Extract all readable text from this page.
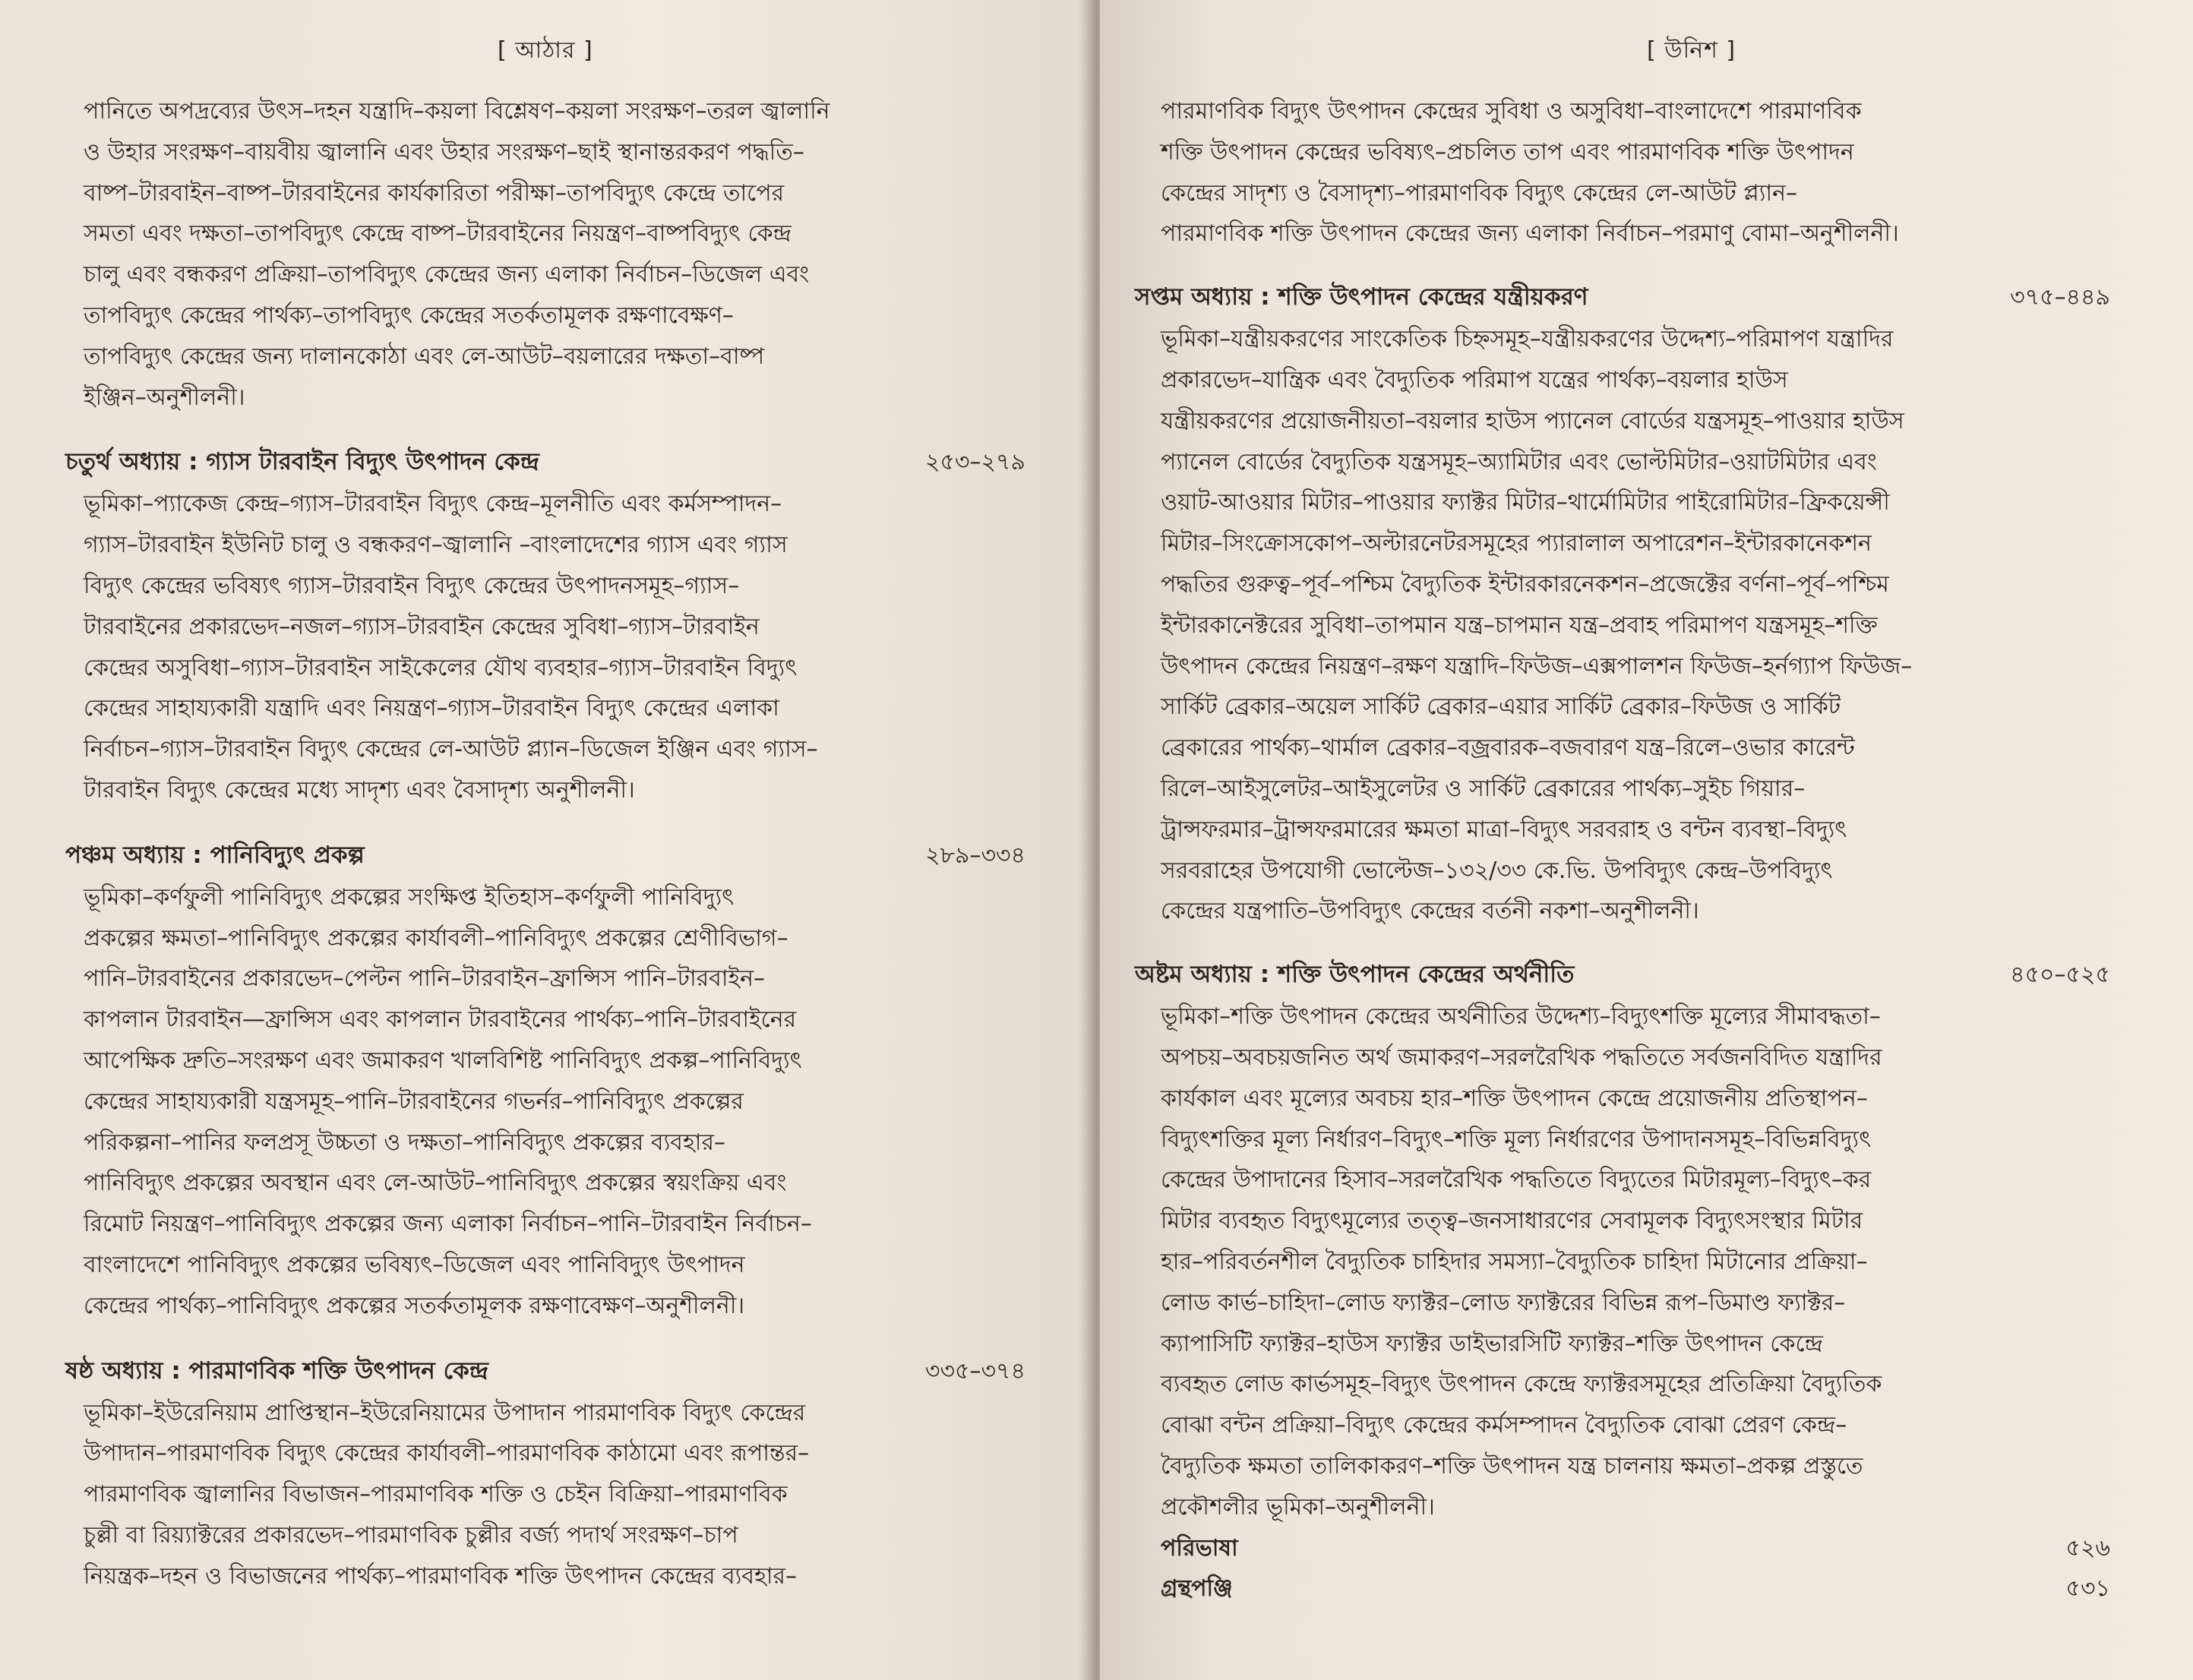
[ আঠার ]

পানিতে অপদ্রব্যের উৎস–দহন যন্ত্রাদি–কয়লা বিশ্লেষণ–কয়লা সংরক্ষণ–তরল জ্বালানি
ও উহার সংরক্ষণ–বায়বীয় জ্বালানি এবং উহার সংরক্ষণ–ছাই স্থানান্তরকরণ পদ্ধতি–
বাষ্প–টারবাইন–বাষ্প–টারবাইনের কার্যকারিতা পরীক্ষা–তাপবিদ্যুৎ কেন্দ্রে তাপের
সমতা এবং দক্ষতা–তাপবিদ্যুৎ কেন্দ্রে বাষ্প–টারবাইনের নিয়ন্ত্রণ–বাষ্পবিদ্যুৎ কেন্দ্র
চালু এবং বন্ধকরণ প্রক্রিয়া–তাপবিদ্যুৎ কেন্দ্রের জন্য এলাকা নির্বাচন–ডিজেল এবং
তাপবিদ্যুৎ কেন্দ্রের পার্থক্য–তাপবিদ্যুৎ কেন্দ্রের সতর্কতামূলক রক্ষণাবেক্ষণ–
তাপবিদ্যুৎ কেন্দ্রের জন্য দালানকোঠা এবং লে-আউট–বয়লারের দক্ষতা–বাষ্প
ইঞ্জিন–অনুশীলনী।

চতুর্থ অধ্যায় : গ্যাস টারবাইন বিদ্যুৎ উৎপাদন কেন্দ্র	২৫৩–২৭৯

ভূমিকা–প্যাকেজ কেন্দ্র–গ্যাস–টারবাইন বিদ্যুৎ কেন্দ্র–মূলনীতি এবং কর্মসম্পাদন–
গ্যাস–টারবাইন ইউনিট চালু ও বন্ধকরণ–জ্বালানি –বাংলাদেশের গ্যাস এবং গ্যাস
বিদ্যুৎ কেন্দ্রের ভবিষ্যৎ গ্যাস–টারবাইন বিদ্যুৎ কেন্দ্রের উৎপাদনসমূহ–গ্যাস–
টারবাইনের প্রকারভেদ–নজল–গ্যাস–টারবাইন কেন্দ্রের সুবিধা–গ্যাস–টারবাইন
কেন্দ্রের অসুবিধা–গ্যাস–টারবাইন সাইকেলের যৌথ ব্যবহার–গ্যাস–টারবাইন বিদ্যুৎ
কেন্দ্রের সাহায্যকারী যন্ত্রাদি এবং নিয়ন্ত্রণ–গ্যাস–টারবাইন বিদ্যুৎ কেন্দ্রের এলাকা
নির্বাচন–গ্যাস–টারবাইন বিদ্যুৎ কেন্দ্রের লে-আউট প্ল্যান–ডিজেল ইঞ্জিন এবং গ্যাস–
টারবাইন বিদ্যুৎ কেন্দ্রের মধ্যে সাদৃশ্য এবং বৈসাদৃশ্য অনুশীলনী।

পঞ্চম অধ্যায় : পানিবিদ্যুৎ প্রকল্প	২৮৯–৩৩৪

ভূমিকা–কর্ণফুলী পানিবিদ্যুৎ প্রকল্পের সংক্ষিপ্ত ইতিহাস–কর্ণফুলী পানিবিদ্যুৎ
প্রকল্পের ক্ষমতা–পানিবিদ্যুৎ প্রকল্পের কার্যাবলী–পানিবিদ্যুৎ প্রকল্পের শ্রেণীবিভাগ–
পানি–টারবাইনের প্রকারভেদ–পেল্টন পানি–টারবাইন–ফ্রান্সিস পানি–টারবাইন–
কাপলান টারবাইন—ফ্রান্সিস এবং কাপলান টারবাইনের পার্থক্য–পানি–টারবাইনের
আপেক্ষিক দ্রুতি–সংরক্ষণ এবং জমাকরণ খালবিশিষ্ট পানিবিদ্যুৎ প্রকল্প–পানিবিদ্যুৎ
কেন্দ্রের সাহায্যকারী যন্ত্রসমূহ–পানি–টারবাইনের গভর্নর–পানিবিদ্যুৎ প্রকল্পের
পরিকল্পনা–পানির ফলপ্রসূ উচ্চতা ও দক্ষতা–পানিবিদ্যুৎ প্রকল্পের ব্যবহার–
পানিবিদ্যুৎ প্রকল্পের অবস্থান এবং লে-আউট–পানিবিদ্যুৎ প্রকল্পের স্বয়ংক্রিয় এবং
রিমোট নিয়ন্ত্রণ–পানিবিদ্যুৎ প্রকল্পের জন্য এলাকা নির্বাচন–পানি–টারবাইন নির্বাচন–
বাংলাদেশে পানিবিদ্যুৎ প্রকল্পের ভবিষ্যৎ–ডিজেল এবং পানিবিদ্যুৎ উৎপাদন
কেন্দ্রের পার্থক্য–পানিবিদ্যুৎ প্রকল্পের সতর্কতামূলক রক্ষণাবেক্ষণ–অনুশীলনী।

ষষ্ঠ অধ্যায় : পারমাণবিক শক্তি উৎপাদন কেন্দ্র	৩৩৫–৩৭৪

ভূমিকা–ইউরেনিয়াম প্রাপ্তিস্থান–ইউরেনিয়ামের উপাদান পারমাণবিক বিদ্যুৎ কেন্দ্রের
উপাদান–পারমাণবিক বিদ্যুৎ কেন্দ্রের কার্যাবলী–পারমাণবিক কাঠামো এবং রূপান্তর–
পারমাণবিক জ্বালানির বিভাজন–পারমাণবিক শক্তি ও চেইন বিক্রিয়া–পারমাণবিক
চুল্লী বা রিয়্যাক্টরের প্রকারভেদ–পারমাণবিক চুল্লীর বর্জ্য পদার্থ সংরক্ষণ–চাপ
নিয়ন্ত্রক–দহন ও বিভাজনের পার্থক্য–পারমাণবিক শক্তি উৎপাদন কেন্দ্রের ব্যবহার–

[ উনিশ ]

পারমাণবিক বিদ্যুৎ উৎপাদন কেন্দ্রের সুবিধা ও অসুবিধা–বাংলাদেশে পারমাণবিক
শক্তি উৎপাদন কেন্দ্রের ভবিষ্যৎ–প্রচলিত তাপ এবং পারমাণবিক শক্তি উৎপাদন
কেন্দ্রের সাদৃশ্য ও বৈসাদৃশ্য–পারমাণবিক বিদ্যুৎ কেন্দ্রের লে-আউট প্ল্যান–
পারমাণবিক শক্তি উৎপাদন কেন্দ্রের জন্য এলাকা নির্বাচন–পরমাণু বোমা–অনুশীলনী।

সপ্তম অধ্যায় : শক্তি উৎপাদন কেন্দ্রের যন্ত্রীয়করণ	৩৭৫–৪৪৯

ভূমিকা–যন্ত্রীয়করণের সাংকেতিক চিহ্নসমূহ–যন্ত্রীয়করণের উদ্দেশ্য–পরিমাপণ যন্ত্রাদির
প্রকারভেদ–যান্ত্রিক এবং বৈদ্যুতিক পরিমাপ যন্ত্রের পার্থক্য–বয়লার হাউস
যন্ত্রীয়করণের প্রয়োজনীয়তা–বয়লার হাউস প্যানেল বোর্ডের যন্ত্রসমূহ–পাওয়ার হাউস
প্যানেল বোর্ডের বৈদ্যুতিক যন্ত্রসমূহ–অ্যামিটার এবং ভোল্টমিটার–ওয়াটমিটার এবং
ওয়াট-আওয়ার মিটার–পাওয়ার ফ্যাক্টর মিটার–থার্মোমিটার পাইরোমিটার–ফ্রিকয়েন্সী
মিটার–সিংক্রোসকোপ–অল্টারনেটরসমূহের প্যারালাল অপারেশন–ইন্টারকানেকশন
পদ্ধতির গুরুত্ব–পূর্ব–পশ্চিম বৈদ্যুতিক ইন্টারকারনেকশন–প্রজেক্টের বর্ণনা–পূর্ব–পশ্চিম
ইন্টারকানেক্টরের সুবিধা–তাপমান যন্ত্র–চাপমান যন্ত্র–প্রবাহ পরিমাপণ যন্ত্রসমূহ–শক্তি
উৎপাদন কেন্দ্রের নিয়ন্ত্রণ–রক্ষণ যন্ত্রাদি–ফিউজ–এক্সপালশন ফিউজ–হর্নগ্যাপ ফিউজ–
সার্কিট ব্রেকার–অয়েল সার্কিট ব্রেকার–এয়ার সার্কিট ব্রেকার–ফিউজ ও সার্কিট
ব্রেকারের পার্থক্য–থার্মাল ব্রেকার–বজ্রবারক–বজবারণ যন্ত্র–রিলে–ওভার কারেন্ট
রিলে–আইসুলেটর–আইসুলেটর ও সার্কিট ব্রেকারের পার্থক্য–সুইচ গিয়ার–
ট্রান্সফরমার–ট্রান্সফরমারের ক্ষমতা মাত্রা–বিদ্যুৎ সরবরাহ ও বন্টন ব্যবস্থা–বিদ্যুৎ
সরবরাহের উপযোগী ভোল্টেজ–১৩২/৩৩ কে.ভি. উপবিদ্যুৎ কেন্দ্র–উপবিদ্যুৎ
কেন্দ্রের যন্ত্রপাতি–উপবিদ্যুৎ কেন্দ্রের বর্তনী নকশা–অনুশীলনী।

অষ্টম অধ্যায় : শক্তি উৎপাদন কেন্দ্রের অর্থনীতি	৪৫০–৫২৫

ভূমিকা–শক্তি উৎপাদন কেন্দ্রের অর্থনীতির উদ্দেশ্য–বিদ্যুৎশক্তি মূল্যের সীমাবদ্ধতা–
অপচয়–অবচয়জনিত অর্থ জমাকরণ–সরলরৈখিক পদ্ধতিতে সর্বজনবিদিত যন্ত্রাদির
কার্যকাল এবং মূল্যের অবচয় হার–শক্তি উৎপাদন কেন্দ্রে প্রয়োজনীয় প্রতিস্থাপন–
বিদ্যুৎশক্তির মূল্য নির্ধারণ–বিদ্যুৎ–শক্তি মূল্য নির্ধারণের উপাদানসমূহ–বিভিন্নবিদ্যুৎ
কেন্দ্রের উপাদানের হিসাব–সরলরৈখিক পদ্ধতিতে বিদ্যুতের মিটারমূল্য–বিদ্যুৎ–কর
মিটার ব্যবহৃত বিদ্যুৎমূল্যের তত্ত্ব–জনসাধারণের সেবামূলক বিদ্যুৎসংস্থার মিটার
হার–পরিবর্তনশীল বৈদ্যুতিক চাহিদার সমস্যা–বৈদ্যুতিক চাহিদা মিটানোর প্রক্রিয়া–
লোড কার্ভ–চাহিদা–লোড ফ্যাক্টর–লোড ফ্যাক্টরের বিভিন্ন রূপ–ডিমাণ্ড ফ্যাক্টর–
ক্যাপাসিটি ফ্যাক্টর–হাউস ফ্যাক্টর ডাইভারসিটি ফ্যাক্টর–শক্তি উৎপাদন কেন্দ্রে
ব্যবহৃত লোড কার্ভসমূহ–বিদ্যুৎ উৎপাদন কেন্দ্রে ফ্যাক্টরসমূহের প্রতিক্রিয়া বৈদ্যুতিক
বোঝা বন্টন প্রক্রিয়া–বিদ্যুৎ কেন্দ্রের কর্মসম্পাদন বৈদ্যুতিক বোঝা প্রেরণ কেন্দ্র–
বৈদ্যুতিক ক্ষমতা তালিকাকরণ–শক্তি উৎপাদন যন্ত্র চালনায় ক্ষমতা–প্রকল্প প্রস্তুতে
প্রকৌশলীর ভূমিকা–অনুশীলনী।

পরিভাষা	৫২৬
গ্রন্থপঞ্জি	৫৩১
